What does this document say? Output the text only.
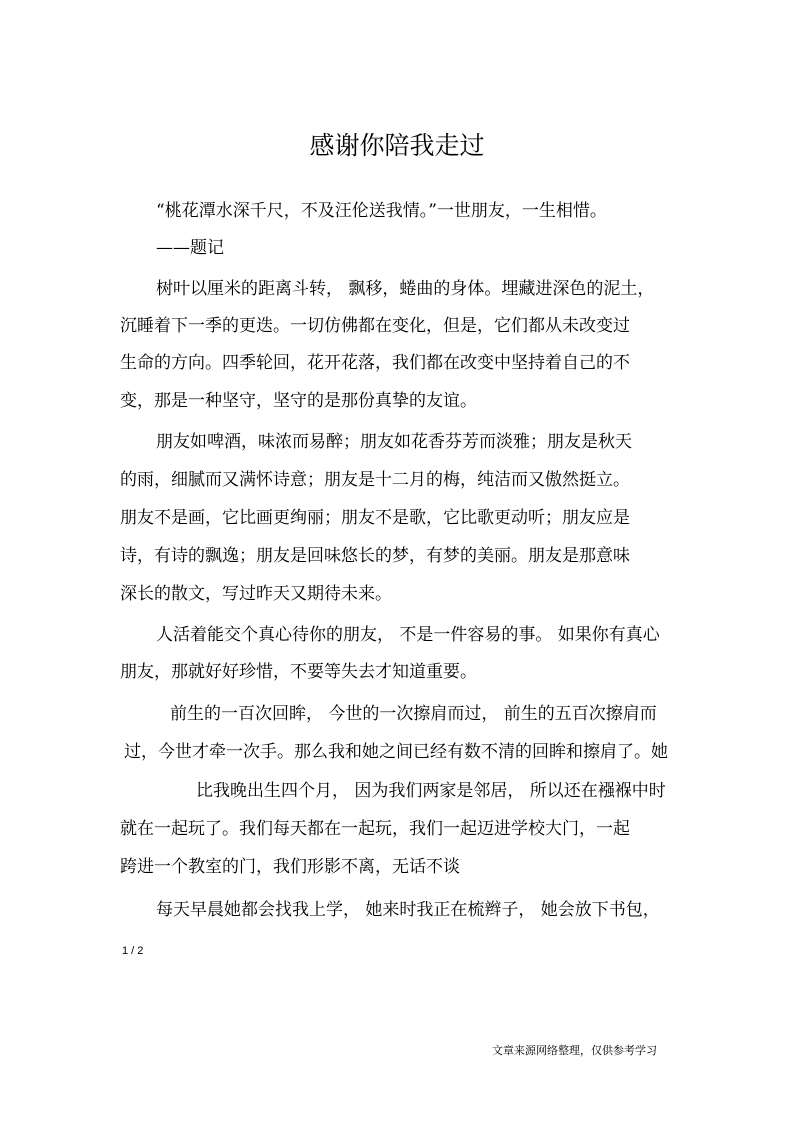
感谢你陪我走过
“桃花潭水深千尺，不及汪伦送我情。”一世朋友，一生相惜。
——题记
树叶以厘米的距离斗转， 飘移，蜷曲的身体。埋藏进深色的泥土，
沉睡着下一季的更迭。一切仿佛都在变化，但是，它们都从未改变过
生命的方向。四季轮回，花开花落，我们都在改变中坚持着自己的不
变，那是一种坚守，坚守的是那份真挚的友谊。
朋友如啤酒，味浓而易醉；朋友如花香芬芳而淡雅；朋友是秋天
的雨，细腻而又满怀诗意；朋友是十二月的梅，纯洁而又傲然挺立。
朋友不是画，它比画更绚丽；朋友不是歌，它比歌更动听；朋友应是
诗，有诗的飘逸；朋友是回味悠长的梦，有梦的美丽。朋友是那意味
深长的散文，写过昨天又期待未来。
人活着能交个真心待你的朋友， 不是一件容易的事。 如果你有真心
朋友，那就好好珍惜，不要等失去才知道重要。
前生的一百次回眸， 今世的一次擦肩而过， 前生的五百次擦肩而
过，今世才牵一次手。那么我和她之间已经有数不清的回眸和擦肩了。她
比我晚出生四个月， 因为我们两家是邻居， 所以还在襁褓中时
就在一起玩了。我们每天都在一起玩，我们一起迈进学校大门，一起
跨进一个教室的门，我们形影不离，无话不谈
每天早晨她都会找我上学， 她来时我正在梳辫子， 她会放下书包，
1 / 2
文章来源网络整理，仅供参考学习
